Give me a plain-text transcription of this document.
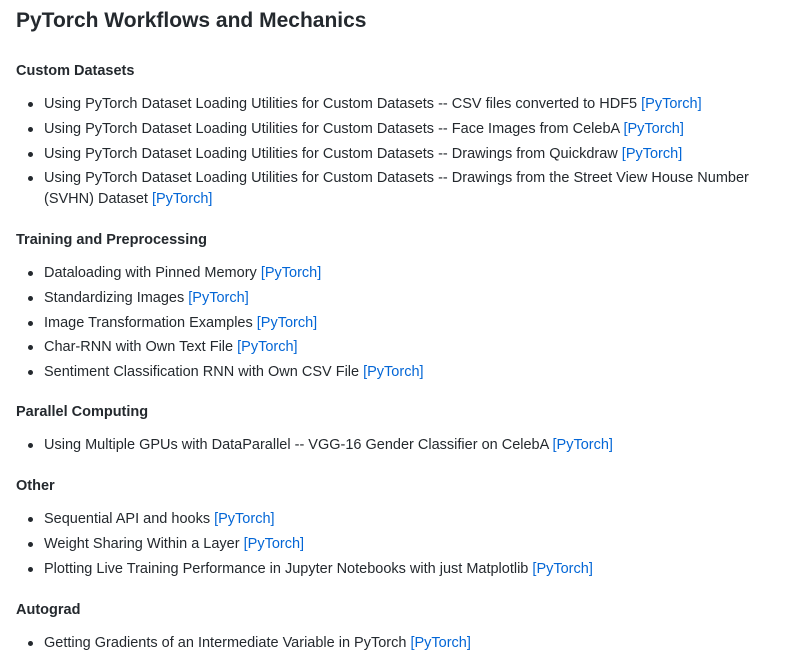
PyTorch Workflows and Mechanics
Custom Datasets
Using PyTorch Dataset Loading Utilities for Custom Datasets -- CSV files converted to HDF5 [PyTorch]
Using PyTorch Dataset Loading Utilities for Custom Datasets -- Face Images from CelebA [PyTorch]
Using PyTorch Dataset Loading Utilities for Custom Datasets -- Drawings from Quickdraw [PyTorch]
Using PyTorch Dataset Loading Utilities for Custom Datasets -- Drawings from the Street View House Number (SVHN) Dataset [PyTorch]
Training and Preprocessing
Dataloading with Pinned Memory [PyTorch]
Standardizing Images [PyTorch]
Image Transformation Examples [PyTorch]
Char-RNN with Own Text File [PyTorch]
Sentiment Classification RNN with Own CSV File [PyTorch]
Parallel Computing
Using Multiple GPUs with DataParallel -- VGG-16 Gender Classifier on CelebA [PyTorch]
Other
Sequential API and hooks [PyTorch]
Weight Sharing Within a Layer [PyTorch]
Plotting Live Training Performance in Jupyter Notebooks with just Matplotlib [PyTorch]
Autograd
Getting Gradients of an Intermediate Variable in PyTorch [PyTorch]
